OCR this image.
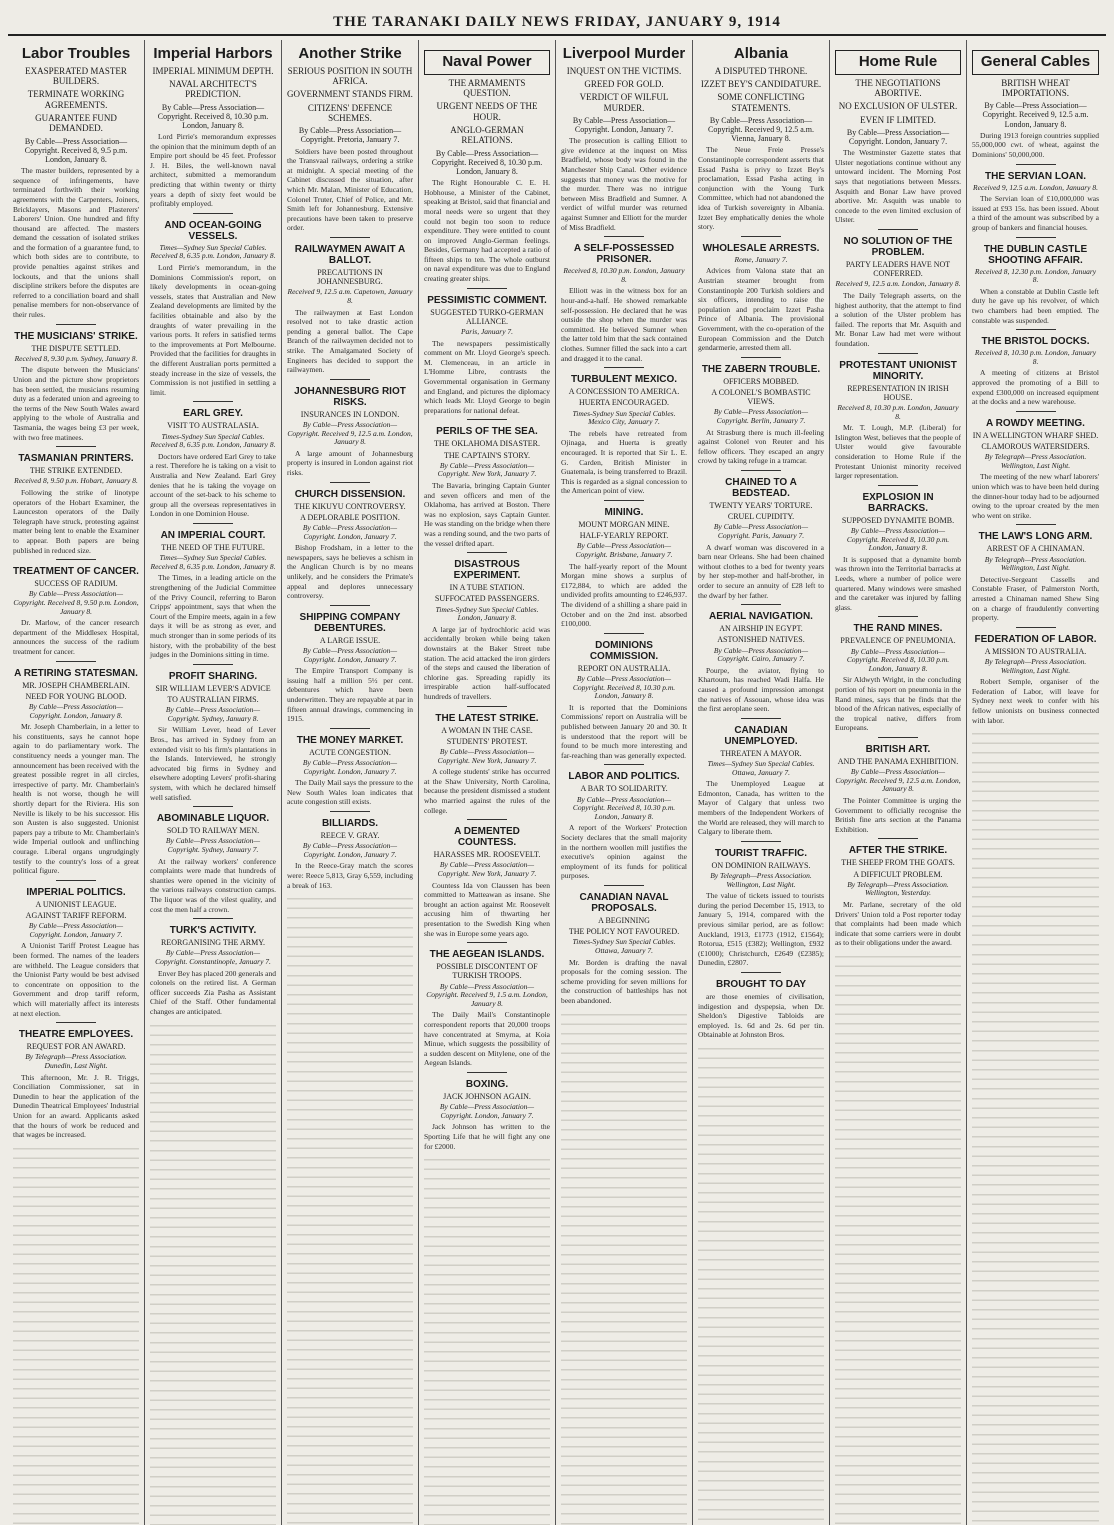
THE TARANAKI DAILY NEWS FRIDAY, JANUARY 9, 1914
Labor Troubles
EXASPERATED MASTER BUILDERS.
TERMINATE WORKING AGREEMENTS.
GUARANTEE FUND DEMANDED.
By Cable—Press Association—Copyright. Received 8, 9.5 p.m. London, January 8.
The master builders, represented by a sequence of infringements, have terminated forthwith their working agreements with the Carpenters, Joiners, Bricklayers, Masons and Plasterers' Laborers' Union. One hundred and fifty thousand are affected. The masters demand the cessation of isolated strikes and the formation of a guarantee fund, to which both sides are to contribute, to provide penalties against strikes and lockouts, and that the unions shall discipline strikers before the disputes are referred to a conciliation board and shall penalise members for non-observance of their rules.
THE MUSICIANS' STRIKE.
THE DISPUTE SETTLED.
Received 8, 9.30 p.m. Sydney, January 8.
The dispute between the Musicians' Union and the picture show proprietors has been settled, the musicians resuming duty as a federated union and agreeing to the terms of the New South Wales award applying to the whole of Australia and Tasmania, the wages being £3 per week, with two free matinees.
TASMANIAN PRINTERS.
THE STRIKE EXTENDED.
Received 8, 9.50 p.m. Hobart, January 8.
Following the strike of linotype operators of the Hobart Examiner, the Launceston operators of the Daily Telegraph have struck, protesting against matter being lent to enable the Examiner to appear. Both papers are being published in reduced size.
TREATMENT OF CANCER.
SUCCESS OF RADIUM.
By Cable—Press Association—Copyright. Received 8, 9.50 p.m. London, January 8.
Dr. Marlow, of the cancer research department of the Middlesex Hospital, announces the success of the radium treatment for cancer.
A RETIRING STATESMAN.
MR. JOSEPH CHAMBERLAIN.
NEED FOR YOUNG BLOOD.
By Cable—Press Association—Copyright. London, January 8.
Mr. Joseph Chamberlain, in a letter to his constituents, says he cannot hope again to do parliamentary work. The constituency needs a younger man. The announcement has been received with the greatest possible regret in all circles, irrespective of party. Mr. Chamberlain's health is not worse, though he will shortly depart for the Riviera. His son Neville is likely to be his successor. His son Austen is also suggested. Unionist papers pay a tribute to Mr. Chamberlain's wide Imperial outlook and unflinching courage. Liberal organs ungrudgingly testify to the country's loss of a great political figure.
IMPERIAL POLITICS.
A UNIONIST LEAGUE.
AGAINST TARIFF REFORM.
By Cable—Press Association—Copyright. London, January 7.
A Unionist Tariff Protest League has been formed. The names of the leaders are withheld. The League considers that the Unionist Party would be best advised to concentrate on opposition to the Government and drop tariff reform, which will materially affect its interests at next election.
THEATRE EMPLOYEES.
REQUEST FOR AN AWARD.
By Telegraph—Press Association. Dunedin, Last Night.
This afternoon, Mr. J. R. Triggs, Conciliation Commissioner, sat in Dunedin to hear the application of the Dunedin Theatrical Employees' Industrial Union for an award. Applicants asked that the hours of work be reduced and that wages be increased.
Imperial Harbors
IMPERIAL MINIMUM DEPTH.
NAVAL ARCHITECT'S PREDICTION.
By Cable—Press Association—Copyright. Received 8, 10.30 p.m. London, January 8.
Lord Pirrie's memorandum expresses the opinion that the minimum depth of an Empire port should be 45 feet. Professor J. H. Biles, the well-known naval architect, submitted a memorandum predicting that within twenty or thirty years a depth of sixty feet would be profitably employed.
AND OCEAN-GOING VESSELS.
Times—Sydney Sun Special Cables. Received 8, 6.35 p.m. London, January 8.
Lord Pirrie's memorandum, in the Dominions Commission's report, on likely developments in ocean-going vessels, states that Australian and New Zealand developments are limited by the facilities obtainable and also by the draughts of water prevailing in the various ports. It refers in satisfied terms to the improvements at Port Melbourne. Provided that the facilities for draughts in the different Australian ports permitted a steady increase in the size of vessels, the Commission is not justified in settling a limit.
EARL GREY.
VISIT TO AUSTRALASIA.
Times-Sydney Sun Special Cables. Received 8, 6.35 p.m. London, January 8.
Doctors have ordered Earl Grey to take a rest. Therefore he is taking on a visit to Australia and New Zealand. Earl Grey denies that he is taking the voyage on account of the set-back to his scheme to group all the overseas representatives in London in one Dominion House.
AN IMPERIAL COURT.
THE NEED OF THE FUTURE.
Times—Sydney Sun Special Cables. Received 8, 6.35 p.m. London, January 8.
The Times, in a leading article on the strengthening of the Judicial Committee of the Privy Council, referring to Baron Cripps' appointment, says that when the Court of the Empire meets, again in a few days it will be as strong as ever, and much stronger than in some periods of its history, with the probability of the best judges in the Dominions sitting in time.
PROFIT SHARING.
SIR WILLIAM LEVER'S ADVICE
TO AUSTRALIAN FIRMS.
By Cable—Press Association—Copyright. Sydney, January 8.
Sir William Lever, head of Lever Bros., has arrived in Sydney from an extended visit to his firm's plantations in the Islands. Interviewed, he strongly advocated big firms in Sydney and elsewhere adopting Levers' profit-sharing system, with which he declared himself well satisfied.
ABOMINABLE LIQUOR.
SOLD TO RAILWAY MEN.
By Cable—Press Association—Copyright. Sydney, January 7.
At the railway workers' conference complaints were made that hundreds of shanties were opened in the vicinity of the various railways construction camps. The liquor was of the vilest quality, and cost the men half a crown.
TURK'S ACTIVITY.
REORGANISING THE ARMY.
By Cable—Press Association—Copyright. Constantinople, January 7.
Enver Bey has placed 200 generals and colonels on the retired list. A German officer succeeds Zia Pasha as Assistant Chief of the Staff. Other fundamental changes are anticipated.
Another Strike
SERIOUS POSITION IN SOUTH AFRICA.
GOVERNMENT STANDS FIRM.
CITIZENS' DEFENCE SCHEMES.
By Cable—Press Association—Copyright. Pretoria, January 7.
Soldiers have been posted throughout the Transvaal railways, ordering a strike at midnight. A special meeting of the Cabinet discussed the situation, after which Mr. Malan, Minister of Education, Colonel Truter, Chief of Police, and Mr. Smith left for Johannesburg. Extensive precautions have been taken to preserve order.
RAILWAYMEN AWAIT A BALLOT.
PRECAUTIONS IN JOHANNESBURG.
Received 9, 12.5 a.m. Capetown, January 8.
The railwaymen at East London resolved not to take drastic action pending a general ballot. The Cape Branch of the railwaymen decided not to strike. The Amalgamated Society of Engineers has decided to support the railwaymen.
JOHANNESBURG RIOT RISKS.
INSURANCES IN LONDON.
By Cable—Press Association—Copyright. Received 9, 12.5 a.m. London, January 8.
A large amount of Johannesburg property is insured in London against riot risks.
CHURCH DISSENSION.
THE KIKUYU CONTROVERSY.
A DEPLORABLE POSITION.
By Cable—Press Association—Copyright. London, January 7.
Bishop Frodsham, in a letter to the newspapers, says he believes a schism in the Anglican Church is by no means unlikely, and he considers the Primate's appeal and deplores unnecessary controversy.
SHIPPING COMPANY DEBENTURES.
A LARGE ISSUE.
By Cable—Press Association—Copyright. London, January 7.
The Empire Transport Company is issuing half a million 5½ per cent. debentures which have been underwritten. They are repayable at par in fifteen annual drawings, commencing in 1915.
THE MONEY MARKET.
ACUTE CONGESTION.
By Cable—Press Association—Copyright. London, January 7.
The Daily Mail says the pressure to the New South Wales loan indicates that acute congestion still exists.
BILLIARDS.
REECE V. GRAY.
By Cable—Press Association—Copyright. London, January 7.
In the Reece-Gray match the scores were: Reece 5,813, Gray 6,559, including a break of 163.
Naval Power
THE ARMAMENTS QUESTION.
URGENT NEEDS OF THE HOUR.
ANGLO-GERMAN RELATIONS.
By Cable—Press Association—Copyright. Received 8, 10.30 p.m. London, January 8.
The Right Honourable C. E. H. Hobhouse, a Minister of the Cabinet, speaking at Bristol, said that financial and moral needs were so urgent that they could not begin too soon to reduce expenditure. They were entitled to count on improved Anglo-German feelings. Besides, Germany had accepted a ratio of fifteen ships to ten. The whole outburst on naval expenditure was due to England creating greater ships.
PESSIMISTIC COMMENT.
SUGGESTED TURKO-GERMAN ALLIANCE.
Paris, January 7.
The newspapers pessimistically comment on Mr. Lloyd George's speech. M. Clemenceau, in an article in L'Homme Libre, contrasts the Governmental organisation in Germany and England, and pictures the diplomacy which leads Mr. Lloyd George to begin preparations for national defeat.
PERILS OF THE SEA.
THE OKLAHOMA DISASTER.
THE CAPTAIN'S STORY.
By Cable—Press Association—Copyright. New York, January 7.
The Bavaria, bringing Captain Gunter and seven officers and men of the Oklahoma, has arrived at Boston. There was no explosion, says Captain Gunter. He was standing on the bridge when there was a rending sound, and the two parts of the vessel drifted apart.
DISASTROUS EXPERIMENT.
IN A TUBE STATION.
SUFFOCATED PASSENGERS.
Times-Sydney Sun Special Cables. London, January 8.
A large jar of hydrochloric acid was accidentally broken while being taken downstairs at the Baker Street tube station. The acid attacked the iron girders of the steps and caused the liberation of chlorine gas. Spreading rapidly its irrespirable action half-suffocated hundreds of travellers.
THE LATEST STRIKE.
A WOMAN IN THE CASE.
STUDENTS' PROTEST.
By Cable—Press Association—Copyright. New York, January 7.
A college students' strike has occurred at the Shaw University, North Carolina, because the president dismissed a student who married against the rules of the college.
A DEMENTED COUNTESS.
HARASSES MR. ROOSEVELT.
By Cable—Press Association—Copyright. New York, January 7.
Countess Ida von Claussen has been committed to Matteawan as insane. She brought an action against Mr. Roosevelt accusing him of thwarting her presentation to the Swedish King when she was in Europe some years ago.
THE AEGEAN ISLANDS.
POSSIBLE DISCONTENT OF TURKISH TROOPS.
By Cable—Press Association—Copyright. Received 9, 1.5 a.m. London, January 8.
The Daily Mail's Constantinople correspondent reports that 20,000 troops have concentrated at Smyrna, at Koia Minue, which suggests the possibility of a sudden descent on Mitylene, one of the Aegean Islands.
BOXING.
JACK JOHNSON AGAIN.
By Cable—Press Association—Copyright. London, January 7.
Jack Johnson has written to the Sporting Life that he will fight any one for £2000.
Liverpool Murder
INQUEST ON THE VICTIMS.
GREED FOR GOLD.
VERDICT OF WILFUL MURDER.
By Cable—Press Association—Copyright. London, January 7.
The prosecution is calling Elliott to give evidence at the inquest on Miss Bradfield, whose body was found in the Manchester Ship Canal. Other evidence suggests that money was the motive for the murder. There was no intrigue between Miss Bradfield and Sumner. A verdict of wilful murder was returned against Sumner and Elliott for the murder of Miss Bradfield.
A SELF-POSSESSED PRISONER.
Received 8, 10.30 p.m. London, January 8.
Elliott was in the witness box for an hour-and-a-half. He showed remarkable self-possession. He declared that he was outside the shop when the murder was committed. He believed Sumner when the latter told him that the sack contained clothes. Sumner filled the sack into a cart and dragged it to the canal.
TURBULENT MEXICO.
A CONCESSION TO AMERICA.
HUERTA ENCOURAGED.
Times-Sydney Sun Special Cables. Mexico City, January 7.
The rebels have retreated from Ojinaga, and Huerta is greatly encouraged. It is reported that Sir L. E. G. Carden, British Minister in Guatemala, is being transferred to Brazil. This is regarded as a signal concession to the American point of view.
MINING.
MOUNT MORGAN MINE.
HALF-YEARLY REPORT.
By Cable—Press Association—Copyright. Brisbane, January 7.
The half-yearly report of the Mount Morgan mine shows a surplus of £172,884, to which are added the undivided profits amounting to £246,937. The dividend of a shilling a share paid in October and on the 2nd inst. absorbed £100,000.
DOMINIONS COMMISSION.
REPORT ON AUSTRALIA.
By Cable—Press Association—Copyright. Received 8, 10.30 p.m. London, January 8.
It is reported that the Dominions Commissions' report on Australia will be published between January 20 and 30. It is understood that the report will be found to be much more interesting and far-reaching than was generally expected.
LABOR AND POLITICS.
A BAR TO SOLIDARITY.
By Cable—Press Association—Copyright. Received 8, 10.30 p.m. London, January 8.
A report of the Workers' Protection Society declares that the small majority in the northern woollen mill justifies the executive's opinion against the employment of its funds for political purposes.
CANADIAN NAVAL PROPOSALS.
A BEGINNING
THE POLICY NOT FAVOURED.
Times-Sydney Sun Special Cables. Ottawa, January 7.
Mr. Borden is drafting the naval proposals for the coming session. The scheme providing for seven millions for the construction of battleships has not been abandoned.
Albania
A DISPUTED THRONE.
IZZET BEY'S CANDIDATURE.
SOME CONFLICTING STATEMENTS.
By Cable—Press Association—Copyright. Received 9, 12.5 a.m. Vienna, January 8.
The Neue Freie Presse's Constantinople correspondent asserts that Essad Pasha is privy to Izzet Bey's proclamation, Essad Pasha acting in conjunction with the Young Turk Committee, which had not abandoned the idea of Turkish sovereignty in Albania. Izzet Bey emphatically denies the whole story.
WHOLESALE ARRESTS.
Rome, January 7.
Advices from Valona state that an Austrian steamer brought from Constantinople 200 Turkish soldiers and six officers, intending to raise the population and proclaim Izzet Pasha Prince of Albania. The provisional Government, with the co-operation of the European Commission and the Dutch gendarmerie, arrested them all.
THE ZABERN TROUBLE.
OFFICERS MOBBED.
A COLONEL'S BOMBASTIC VIEWS.
By Cable—Press Association—Copyright. Berlin, January 7.
At Strasburg there is much ill-feeling against Colonel von Reuter and his fellow officers. They escaped an angry crowd by taking refuge in a tramcar.
CHAINED TO A BEDSTEAD.
TWENTY YEARS' TORTURE.
CRUEL CUPIDITY.
By Cable—Press Association—Copyright. Paris, January 7.
A dwarf woman was discovered in a barn near Orleans. She had been chained without clothes to a bed for twenty years by her step-mother and half-brother, in order to secure an annuity of £28 left to the dwarf by her father.
AERIAL NAVIGATION.
AN AIRSHIP IN EGYPT.
ASTONISHED NATIVES.
By Cable—Press Association—Copyright. Cairo, January 7.
Pourpe, the aviator, flying to Khartoum, has reached Wadi Halfa. He caused a profound impression amongst the natives of Assouan, whose idea was the first aeroplane seen.
CANADIAN UNEMPLOYED.
THREATEN A MAYOR.
Times—Sydney Sun Special Cables. Ottawa, January 7.
The Unemployed League at Edmonton, Canada, has written to the Mayor of Calgary that unless two members of the Independent Workers of the World are released, they will march to Calgary to liberate them.
TOURIST TRAFFIC.
ON DOMINION RAILWAYS.
By Telegraph—Press Association. Wellington, Last Night.
The value of tickets issued to tourists during the period December 15, 1913, to January 5, 1914, compared with the previous similar period, are as follow: Auckland, 1913, £1773 (1912, £1564); Rotorua, £515 (£382); Wellington, £932 (£1000); Christchurch, £2649 (£2385); Dunedin, £2807.
BROUGHT TO DAY
are those enemies of civilisation, indigestion and dyspepsia, when Dr. Sheldon's Digestive Tabloids are employed. 1s. 6d and 2s. 6d per tin. Obtainable at Johnston Bros.
Home Rule
THE NEGOTIATIONS ABORTIVE.
NO EXCLUSION OF ULSTER.
EVEN IF LIMITED.
By Cable—Press Association—Copyright. London, January 7.
The Westminster Gazette states that Ulster negotiations continue without any untoward incident. The Morning Post says that negotiations between Messrs. Asquith and Bonar Law have proved abortive. Mr. Asquith was unable to concede to the even limited exclusion of Ulster.
NO SOLUTION OF THE PROBLEM.
PARTY LEADERS HAVE NOT CONFERRED.
Received 9, 12.5 a.m. London, January 8.
The Daily Telegraph asserts, on the highest authority, that the attempt to find a solution of the Ulster problem has failed. The reports that Mr. Asquith and Mr. Bonar Law had met were without foundation.
PROTESTANT UNIONIST MINORITY.
REPRESENTATION IN IRISH HOUSE.
Received 8, 10.30 p.m. London, January 8.
Mr. T. Lough, M.P. (Liberal) for Islington West, believes that the people of Ulster would give favourable consideration to Home Rule if the Protestant Unionist minority received larger representation.
EXPLOSION IN BARRACKS.
SUPPOSED DYNAMITE BOMB.
By Cable—Press Association—Copyright. Received 8, 10.30 p.m. London, January 8.
It is supposed that a dynamite bomb was thrown into the Territorial barracks at Leeds, where a number of police were quartered. Many windows were smashed and the caretaker was injured by falling glass.
THE RAND MINES.
PREVALENCE OF PNEUMONIA.
By Cable—Press Association—Copyright. Received 8, 10.30 p.m. London, January 8.
Sir Aldwyth Wright, in the concluding portion of his report on pneumonia in the Rand mines, says that he finds that the blood of the African natives, especially of the tropical native, differs from Europeans.
BRITISH ART.
AND THE PANAMA EXHIBITION.
By Cable—Press Association—Copyright. Received 9, 12.5 a.m. London, January 8.
The Pointer Committee is urging the Government to officially recognise the British fine arts section at the Panama Exhibition.
AFTER THE STRIKE.
THE SHEEP FROM THE GOATS.
A DIFFICULT PROBLEM.
By Telegraph—Press Association. Wellington, Yesterday.
Mr. Parlane, secretary of the old Drivers' Union told a Post reporter today that complaints had been made which indicate that some carriers were in doubt as to their obligations under the award.
General Cables
BRITISH WHEAT IMPORTATIONS.
By Cable—Press Association—Copyright. Received 9, 12.5 a.m. London, January 8.
During 1913 foreign countries supplied 55,000,000 cwt. of wheat, against the Dominions' 50,000,000.
THE SERVIAN LOAN.
Received 9, 12.5 a.m. London, January 8.
The Servian loan of £10,000,000 was issued at £93 15s. has been issued. About a third of the amount was subscribed by a group of bankers and financial houses.
THE DUBLIN CASTLE SHOOTING AFFAIR.
Received 8, 12.30 p.m. London, January 8.
When a constable at Dublin Castle left duty he gave up his revolver, of which two chambers had been emptied. The constable was suspended.
THE BRISTOL DOCKS.
Received 8, 10.30 p.m. London, January 8.
A meeting of citizens at Bristol approved the promoting of a Bill to expend £300,000 on increased equipment at the docks and a new warehouse.
A ROWDY MEETING.
IN A WELLINGTON WHARF SHED.
CLAMOROUS WATERSIDERS.
By Telegraph—Press Association. Wellington, Last Night.
The meeting of the new wharf laborers' union which was to have been held during the dinner-hour today had to be adjourned owing to the uproar created by the men who went on strike.
THE LAW'S LONG ARM.
ARREST OF A CHINAMAN.
By Telegraph—Press Association. Wellington, Last Night.
Detective-Sergeant Cassells and Constable Fraser, of Palmerston North, arrested a Chinaman named Shew Sing on a charge of fraudulently converting property.
FEDERATION OF LABOR.
A MISSION TO AUSTRALIA.
By Telegraph—Press Association. Wellington, Last Night.
Robert Semple, organiser of the Federation of Labor, will leave for Sydney next week to confer with his fellow unionists on business connected with labor.
